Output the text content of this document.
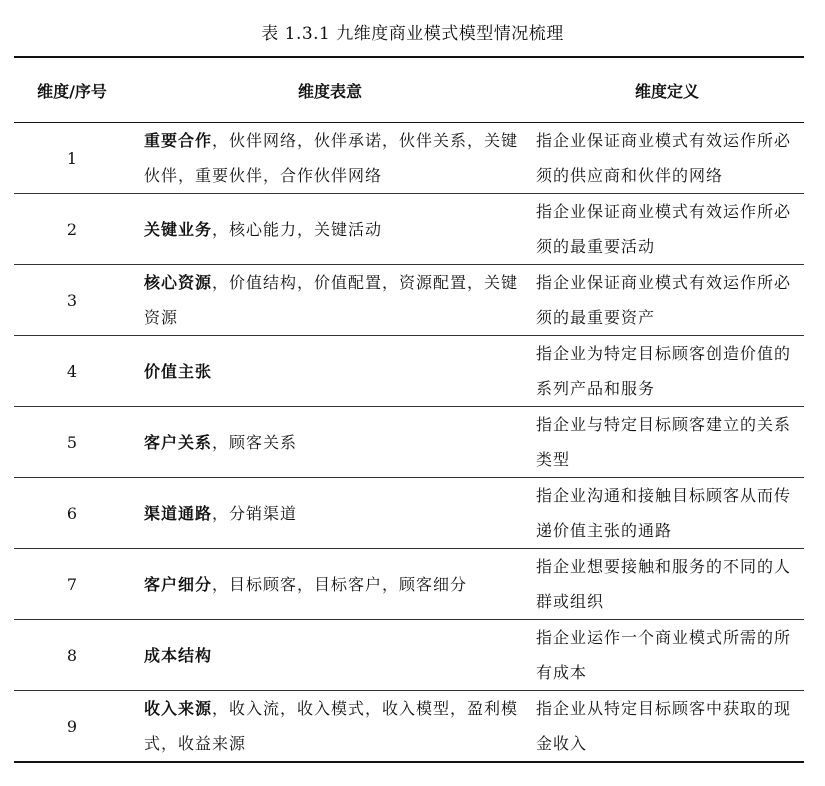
表 1.3.1 九维度商业模式模型情况梳理
维度/序号	维度表意	维度定义
1	重要合作，伙伴网络，伙伴承诺，伙伴关系，关键伙伴，重要伙伴，合作伙伴网络	指企业保证商业模式有效运作所必须的供应商和伙伴的网络
2	关键业务，核心能力，关键活动	指企业保证商业模式有效运作所必须的最重要活动
3	核心资源，价值结构，价值配置，资源配置，关键资源	指企业保证商业模式有效运作所必须的最重要资产
4	价值主张	指企业为特定目标顾客创造价值的系列产品和服务
5	客户关系，顾客关系	指企业与特定目标顾客建立的关系类型
6	渠道通路，分销渠道	指企业沟通和接触目标顾客从而传递价值主张的通路
7	客户细分，目标顾客，目标客户，顾客细分	指企业想要接触和服务的不同的人群或组织
8	成本结构	指企业运作一个商业模式所需的所有成本
9	收入来源，收入流，收入模式，收入模型，盈利模式，收益来源	指企业从特定目标顾客中获取的现金收入
